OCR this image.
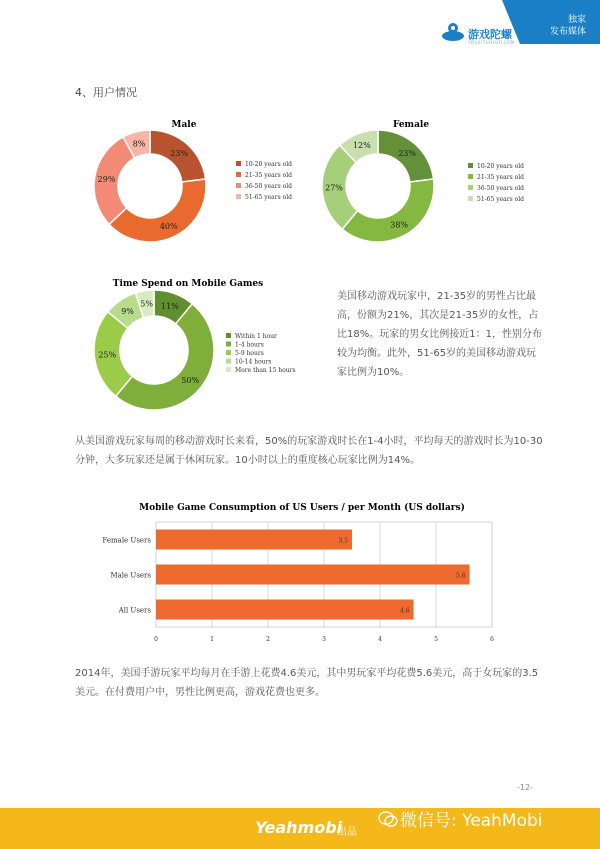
独家
发布媒体
游戏陀螺
YOUXITUOLUO.COM
4、用户情况
Male
23%
40%
29%
8%
10-20 years old
21-35 years old
36-50 years old
51-65 years old
Female
23%
38%
27%
12%
10-20 years old
21-35 years old
36-50 years old
51-65 years old
Time Spend on Mobile Games
11%
50%
25%
9%
5%
Within 1 hour
1-4 hours
5-9 hours
10-14 hours
More than 15 hours
美国移动游戏玩家中，21-35岁的男性占比最高，份额为21%，其次是21-35岁的女性，占比18%。玩家的男女比例接近1：1，性别分布较为均衡。此外，51-65岁的美国移动游戏玩家比例为10%。
从美国游戏玩家每周的移动游戏时长来看，50%的玩家游戏时长在1-4小时，平均每天的游戏时长为10-30分钟，大多玩家还是属于休闲玩家。10小时以上的重度核心玩家比例为14%。
Mobile Game Consumption of US Users / per Month (US dollars)
0	1	2	3	4	5	6
3.5
Female Users
5.6
Male Users
4.6
All Users
2014年，美国手游玩家平均每月在手游上花费4.6美元，其中男玩家平均花费5.6美元，高于女玩家的3.5美元。在付费用户中，男性比例更高，游戏花费也更多。
-12-
Yeahmobi
出品
微信号: YeahMobi
